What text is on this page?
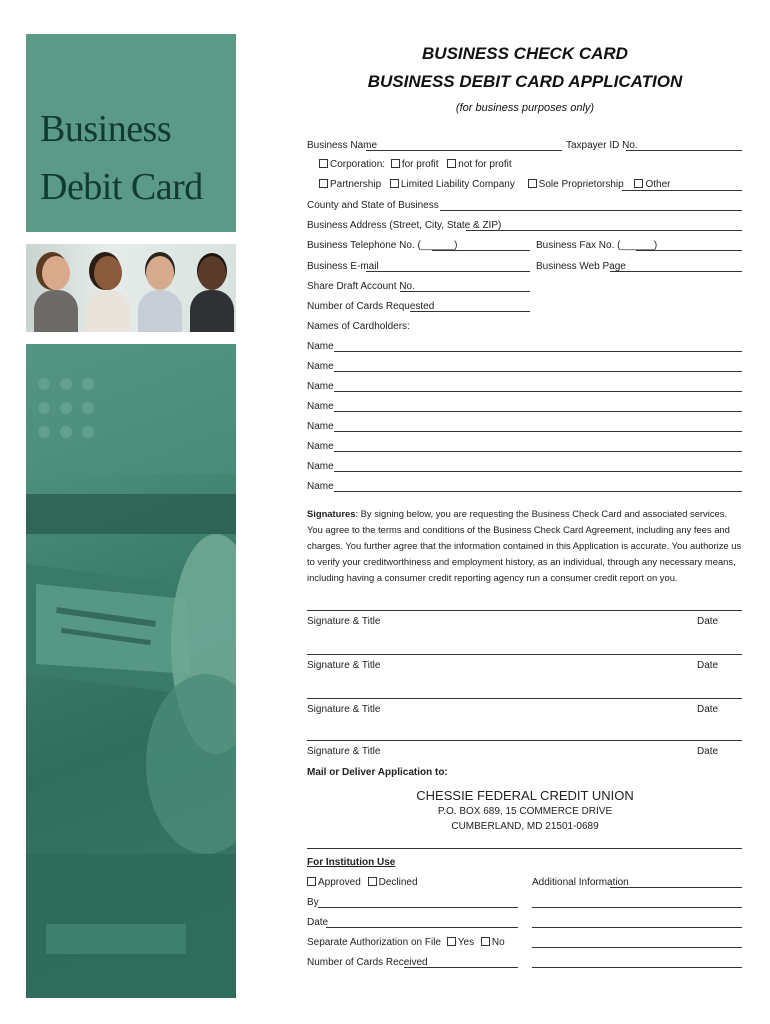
Business
Debit Card
BUSINESS CHECK CARD
BUSINESS DEBIT CARD APPLICATION
(for business purposes only)
Business Name	Taxpayer ID No.
Corporation: for profit not for profit
Partnership Limited Liability Company Sole Proprietorship Other
County and State of Business
Business Address (Street, City, State & ZIP)
Business Telephone No. (______)	Business Fax No. (______)
Business E-mail	Business Web Page
Share Draft Account No.
Number of Cards Requested
Names of Cardholders:
Name
Name
Name
Name
Name
Name
Name
Name
Signatures: By signing below, you are requesting the Business Check Card and associated services. You agree to the terms and conditions of the Business Check Card Agreement, including any fees and charges. You further agree that the information contained in this Application is accurate. You authorize us to verify your creditworthiness and employment history, as an individual, through any necessary means, including having a consumer credit reporting agency run a consumer credit report on you.
Signature & Title	Date
Signature & Title	Date
Signature & Title	Date
Signature & Title	Date
Mail or Deliver Application to:
CHESSIE FEDERAL CREDIT UNION
P.O. BOX 689, 15 COMMERCE DRIVE
CUMBERLAND, MD 21501-0689
For Institution Use
Approved Declined	Additional Information
By
Date
Separate Authorization on File Yes No
Number of Cards Received
